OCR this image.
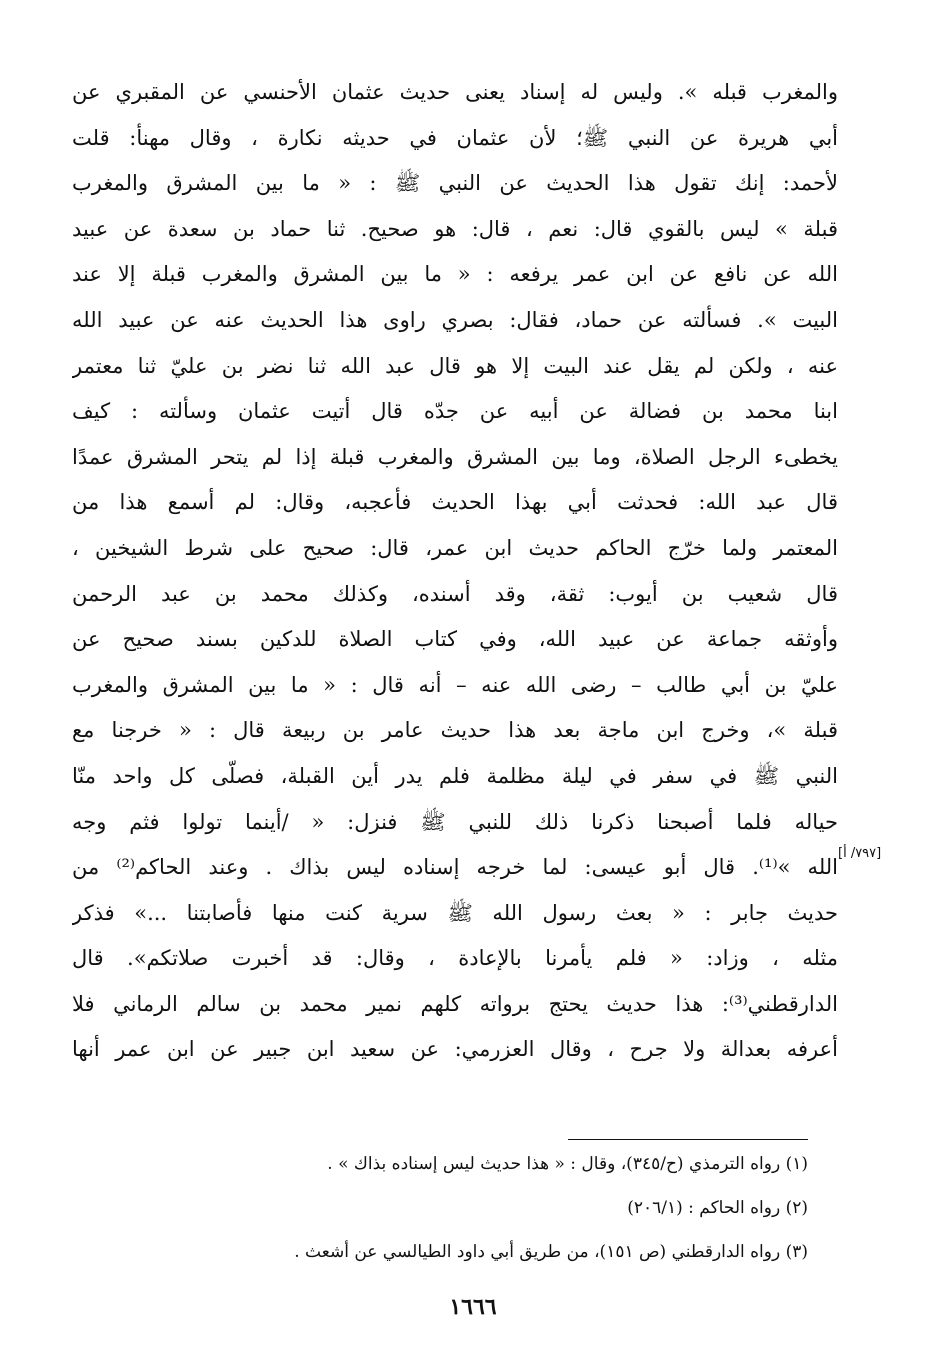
والمغرب قبله ». وليس له إسناد يعنى حديث عثمان الأحنسي عن المقبري عن
أبي هريرة عن النبي ﷺ؛ لأن عثمان في حديثه نكارة ، وقال مهنأ: قلت
لأحمد: إنك تقول هذا الحديث عن النبي ﷺ : « ما بين المشرق والمغرب
قبلة » ليس بالقوي قال: نعم ، قال: هو صحيح. ثنا حماد بن سعدة عن عبيد
الله عن نافع عن ابن عمر يرفعه : « ما بين المشرق والمغرب قبلة إلا عند
البيت ». فسألته عن حماد، فقال: بصري راوى هذا الحديث عنه عن عبيد الله
عنه ، ولكن لم يقل عند البيت إلا هو قال عبد الله ثنا نضر بن عليّ ثنا معتمر
ابنا محمد بن فضالة عن أبيه عن جدّه قال أتيت عثمان وسألته : كيف
يخطىء الرجل الصلاة، وما بين المشرق والمغرب قبلة إذا لم يتحر المشرق عمدًا
قال عبد الله: فحدثت أبي بهذا الحديث فأعجبه، وقال: لم أسمع هذا من
المعتمر ولما خرّج الحاكم حديث ابن عمر، قال: صحيح على شرط الشيخين ،
قال شعيب بن أيوب: ثقة، وقد أسنده، وكذلك محمد بن عبد الرحمن
وأوثقه جماعة عن عبيد الله، وفي كتاب الصلاة للدكين بسند صحيح عن
عليّ بن أبي طالب – رضى الله عنه – أنه قال : « ما بين المشرق والمغرب
قبلة »، وخرج ابن ماجة بعد هذا حديث عامر بن ربيعة قال : « خرجنا مع
النبي ﷺ في سفر في ليلة مظلمة فلم يدر أين القبلة، فصلّى كل واحد منّا
حياله فلما أصبحنا ذكرنا ذلك للنبي ﷺ فنزل: « /أينما تولوا فثم وجه
الله »⁽¹⁾. قال أبو عيسى: لما خرجه إسناده ليس بذاك . وعند الحاكم⁽²⁾ من
حديث جابر : « بعث رسول الله ﷺ سرية كنت منها فأصابتنا ...» فذكر
مثله ، وزاد: « فلم يأمرنا بالإعادة ، وقال: قد أخبرت صلاتكم». قال
الدارقطني⁽³⁾: هذا حديث يحتج برواته كلهم نمير محمد بن سالم الرماني فلا
أعرفه بعدالة ولا جرح ، وقال العزرمي: عن سعيد ابن جبير عن ابن عمر أنها
[٧٩٧/ أ]
(١) رواه الترمذي (ح/٣٤٥)، وقال : « هذا حديث ليس إسناده بذاك » .
(٢) رواه الحاكم : (٢٠٦/١)
(٣) رواه الدارقطني (ص ١٥١)، من طريق أبي داود الطيالسي عن أشعث .
١٦٦٦
